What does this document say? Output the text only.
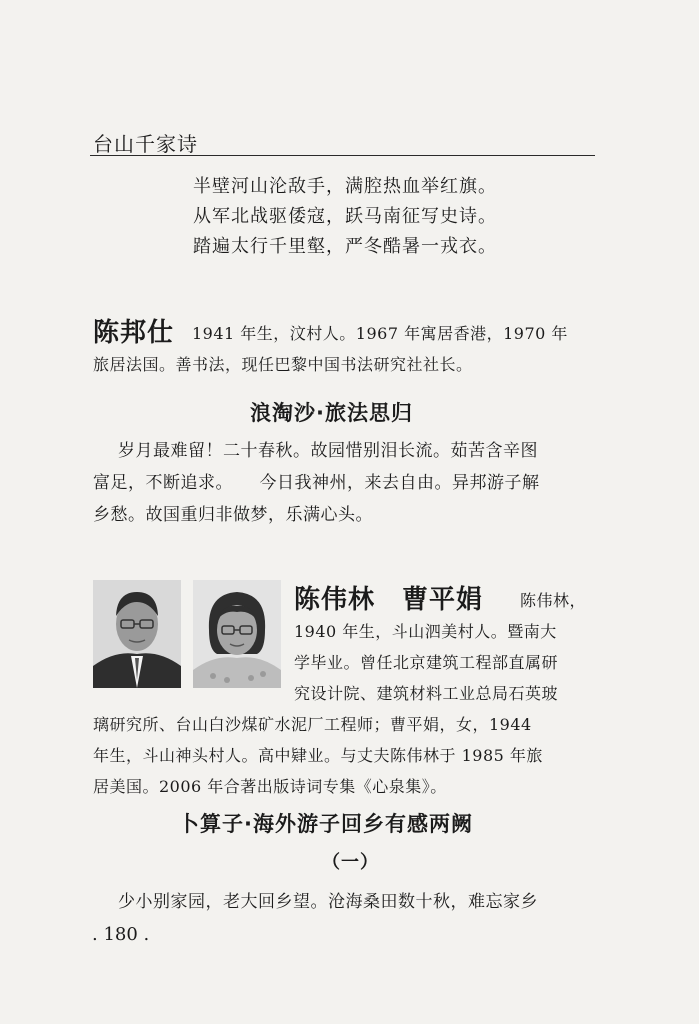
台山千家诗
半壁河山沦敌手，满腔热血举红旗。
从军北战驱倭寇，跃马南征写史诗。
踏遍太行千里壑，严冬酷暑一戎衣。
陈邦仕 1941 年生，汶村人。1967 年寓居香港，1970 年
旅居法国。善书法，现任巴黎中国书法研究社社长。
浪淘沙·旅法思归
岁月最难留！二十春秋。故园惜别泪长流。茹苦含辛图
富足，不断追求。　　今日我神州，来去自由。异邦游子解
乡愁。故国重归非做梦，乐满心头。
陈伟林　曹平娟 陈伟林，
1940 年生，斗山泗美村人。暨南大
学毕业。曾任北京建筑工程部直属研
究设计院、建筑材料工业总局石英玻
璃研究所、台山白沙煤矿水泥厂工程师；曹平娟，女，1944
年生，斗山神头村人。高中肄业。与丈夫陈伟林于 1985 年旅
居美国。2006 年合著出版诗词专集《心泉集》。
卜算子·海外游子回乡有感两阙
（一）
少小别家园，老大回乡望。沧海桑田数十秋，难忘家乡
. 180 .
